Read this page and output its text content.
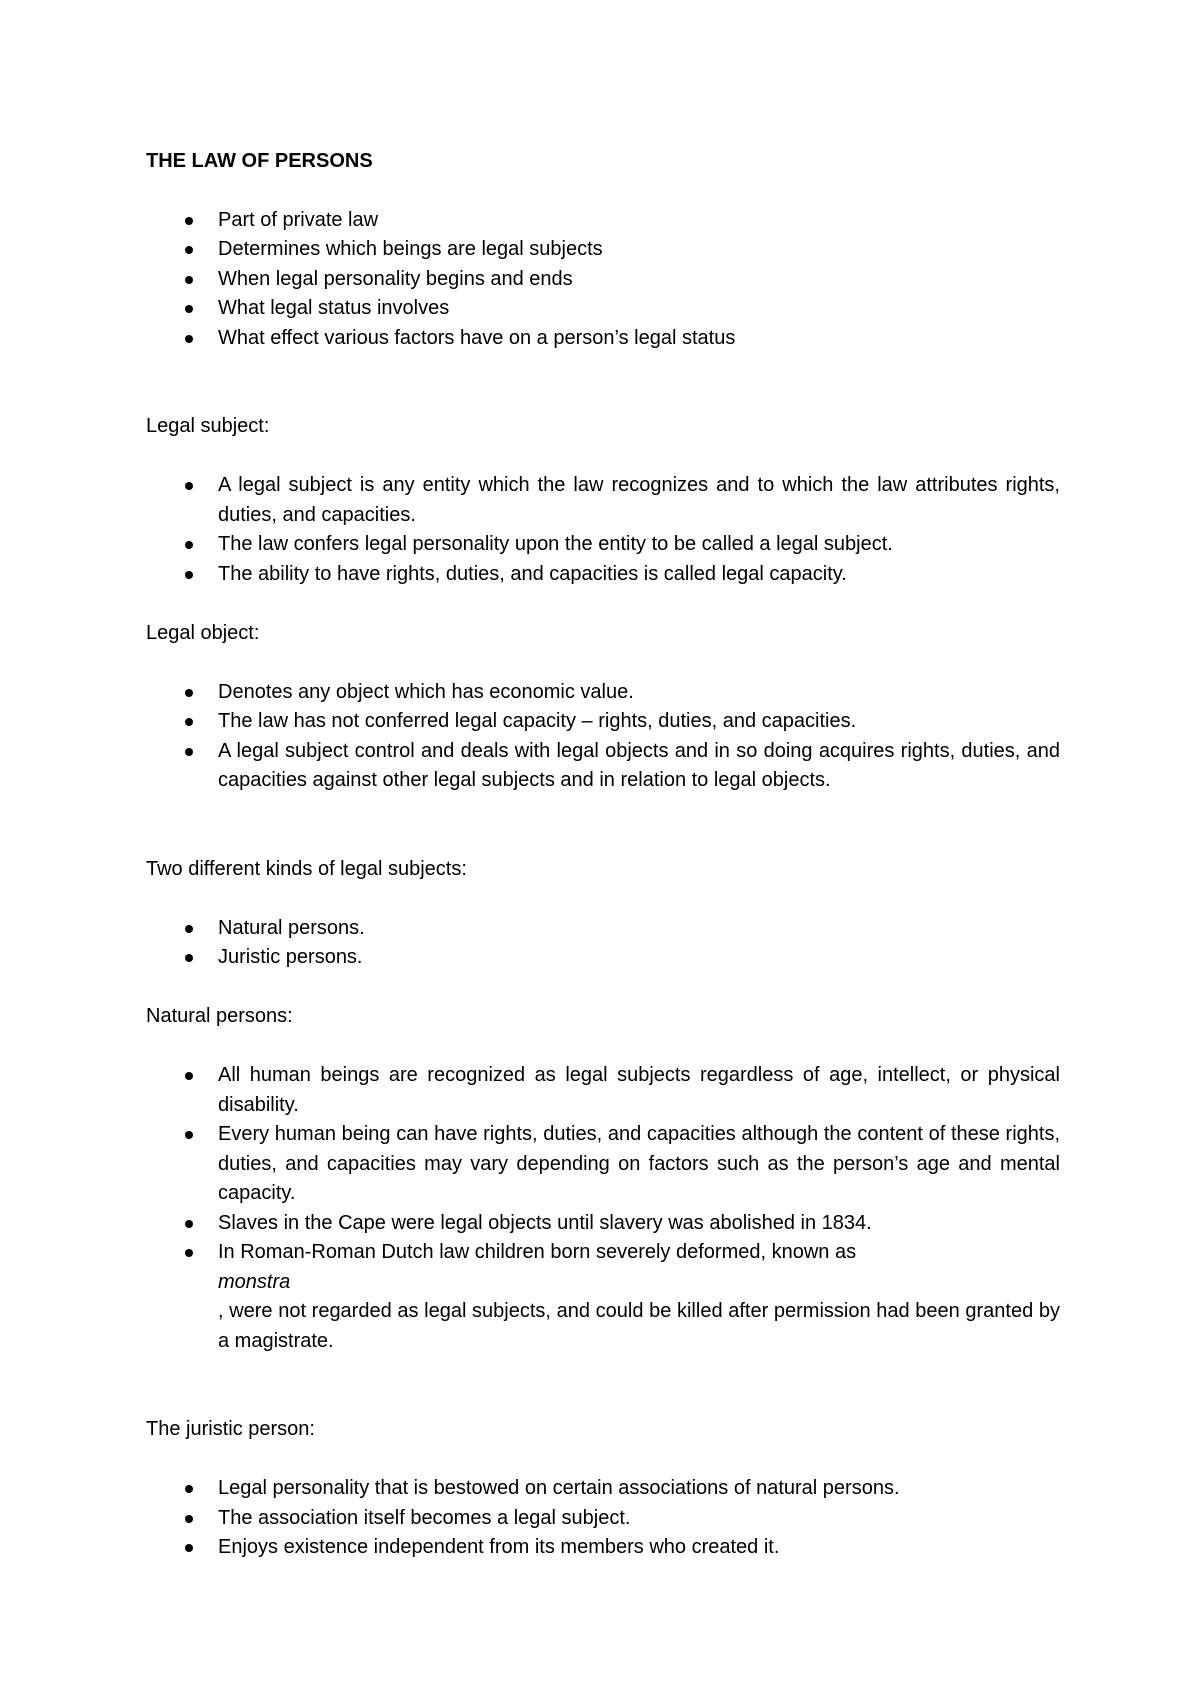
THE LAW OF PERSONS

Part of private law
Determines which beings are legal subjects
When legal personality begins and ends
What legal status involves
What effect various factors have on a person’s legal status

Legal subject:

A legal subject is any entity which the law recognizes and to which the law attributes rights, duties, and capacities.
The law confers legal personality upon the entity to be called a legal subject.
The ability to have rights, duties, and capacities is called legal capacity.

Legal object:

Denotes any object which has economic value.
The law has not conferred legal capacity – rights, duties, and capacities.
A legal subject control and deals with legal objects and in so doing acquires rights, duties, and capacities against other legal subjects and in relation to legal objects.

Two different kinds of legal subjects:

Natural persons.
Juristic persons.

Natural persons:

All human beings are recognized as legal subjects regardless of age, intellect, or physical disability.
Every human being can have rights, duties, and capacities although the content of these rights, duties, and capacities may vary depending on factors such as the person’s age and mental capacity.
Slaves in the Cape were legal objects until slavery was abolished in 1834.
In Roman-Roman Dutch law children born severely deformed, known as
monstra
, were not regarded as legal subjects, and could be killed after permission had been granted by a magistrate.

The juristic person:

Legal personality that is bestowed on certain associations of natural persons.
The association itself becomes a legal subject.
Enjoys existence independent from its members who created it.
